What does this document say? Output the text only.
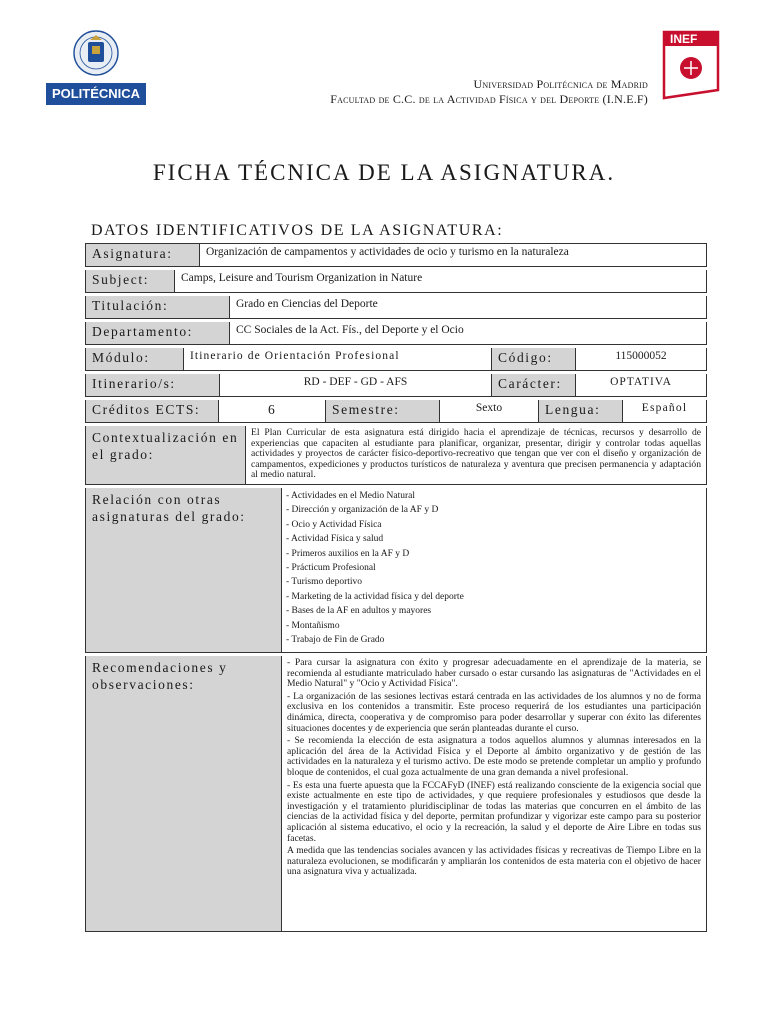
POLITÉCNICA
INEF
Universidad Politécnica de Madrid
Facultad de C.C. de la Actividad Física y del Deporte (I.N.E.F)
FICHA TÉCNICA DE LA ASIGNATURA.
DATOS IDENTIFICATIVOS DE LA ASIGNATURA:
Asignatura:	Organización de campamentos y actividades de ocio y turismo en la naturaleza
Subject:	Camps, Leisure and Tourism Organization in Nature
Titulación:	Grado en Ciencias del Deporte
Departamento:	CC Sociales de la Act. Fís., del Deporte y el Ocio
Módulo:	Itinerario de Orientación Profesional	Código:	115000052
Itinerario/s:	RD - DEF - GD - AFS	Carácter:	OPTATIVA
Créditos ECTS:	6	Semestre:	Sexto	Lengua:	Español
Contextualización en el grado:
El Plan Curricular de esta asignatura está dirigido hacia el aprendizaje de técnicas, recursos y desarrollo de experiencias que capaciten al estudiante para planificar, organizar, presentar, dirigir y controlar todas aquellas actividades y proyectos de carácter físico-deportivo-recreativo que tengan que ver con el diseño y organización de campamentos, expediciones y productos turísticos de naturaleza y aventura que precisen permanencia y adaptación al medio natural.
Relación con otras asignaturas del grado:
- Actividades en el Medio Natural
- Dirección y organización de la AF y D
- Ocio y Actividad Física
- Actividad Física y salud
- Primeros auxilios en la AF y D
- Prácticum Profesional
- Turismo deportivo
- Marketing de la actividad física y del deporte
- Bases de la AF en adultos y mayores
- Montañismo
- Trabajo de Fin de Grado
Recomendaciones y observaciones:

- Para cursar la asignatura con éxito y progresar adecuadamente en el aprendizaje de la materia, se recomienda al estudiante matriculado haber cursado o estar cursando las asignaturas de "Actividades en el Medio Natural" y "Ocio y Actividad Física".

- La organización de las sesiones lectivas estará centrada en las actividades de los alumnos y no de forma exclusiva en los contenidos a transmitir. Este proceso requerirá de los estudiantes una participación dinámica, directa, cooperativa y de compromiso para poder desarrollar y superar con éxito las diferentes situaciones docentes y de experiencia que serán planteadas durante el curso.

- Se recomienda la elección de esta asignatura a todos aquellos alumnos y alumnas interesados en la aplicación del área de la Actividad Física y el Deporte al ámbito organizativo y de gestión de las actividades en la naturaleza y el turismo activo. De este modo se pretende completar un amplio y profundo bloque de contenidos, el cual goza actualmente de una gran demanda a nivel profesional.

- Es esta una fuerte apuesta que la FCCAFyD (INEF) está realizando consciente de la exigencia social que existe actualmente en este tipo de actividades, y que requiere profesionales y estudiosos que desde la investigación y el tratamiento pluridisciplinar de todas las materias que concurren en el ámbito de las ciencias de la actividad física y del deporte, permitan profundizar y vigorizar este campo para su posterior aplicación al sistema educativo, el ocio y la recreación, la salud y el deporte de Aire Libre en todas sus facetas.

A medida que las tendencias sociales avancen y las actividades físicas y recreativas de Tiempo Libre en la naturaleza evolucionen, se modificarán y ampliarán los contenidos de esta materia con el objetivo de hacer una asignatura viva y actualizada.
